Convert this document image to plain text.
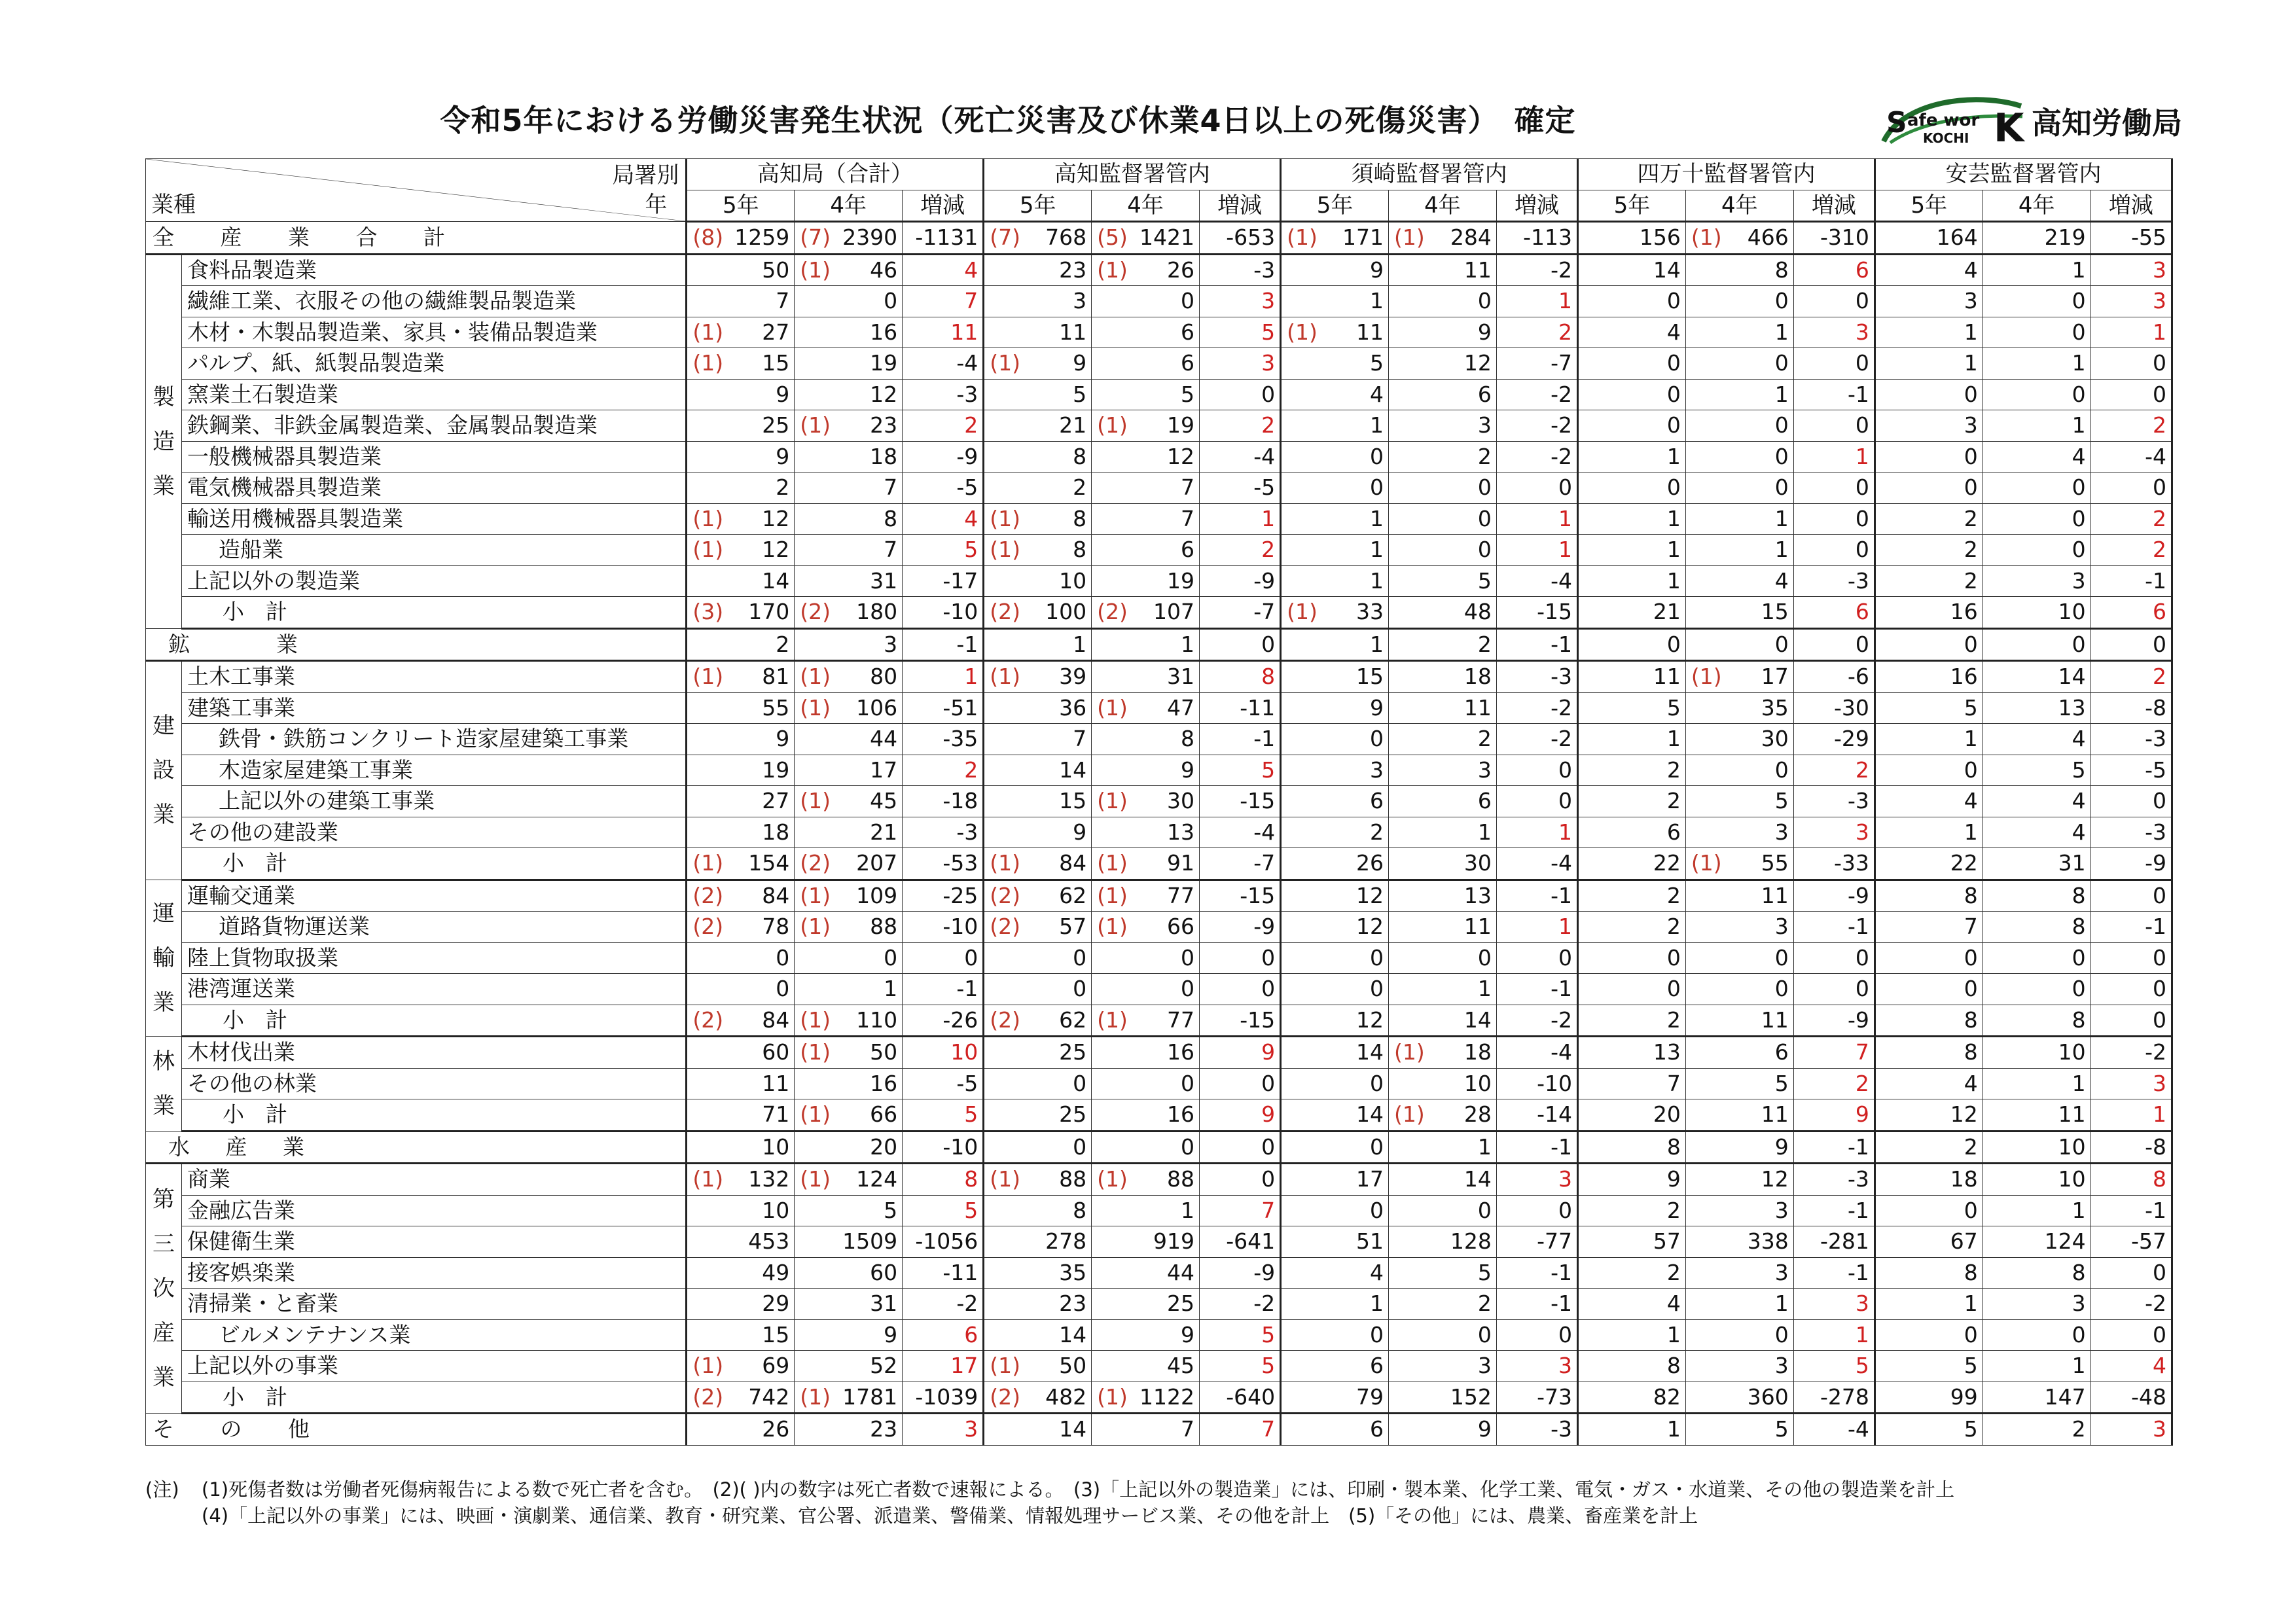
令和5年における労働災害発生状況（死亡災害及び休業4日以上の死傷災害）　確定	S afe wor
KOCHI K 高知労働局
局署別
業種 年		高知局（合計）					高知監督署管内					須崎監督署管内					四万十監督署管内					安芸監督署管内				
		5年		4年		増減	5年		4年		増減	5年		4年		増減	5年		4年		増減	5年		4年		増減
全 産 業 合 計		(8)	1259	(7)	2390	-1131	(7)	768	(5)	1421	-653	(1)	171	(1)	284	-113		156	(1)	466	-310		164		219	-55
製造業	食料品製造業		50	(1)	46	4		23	(1)	26	-3		9		11	-2		14		8	6		4		1	3
	繊維工業、衣服その他の繊維製品製造業		7		0	7		3		0	3		1		0	1		0		0	0		3		0	3
	木材・木製品製造業、家具・装備品製造業	(1)	27		16	11		11		6	5	(1)	11		9	2		4		1	3		1		0	1
	パルプ、紙、紙製品製造業	(1)	15		19	-4	(1)	9		6	3		5		12	-7		0		0	0		1		1	0
	窯業土石製造業		9		12	-3		5		5	0		4		6	-2		0		1	-1		0		0	0
	鉄鋼業、非鉄金属製造業、金属製品製造業		25	(1)	23	2		21	(1)	19	2		1		3	-2		0		0	0		3		1	2
	一般機械器具製造業		9		18	-9		8		12	-4		0		2	-2		1		0	1		0		4	-4
	電気機械器具製造業		2		7	-5		2		7	-5		0		0	0		0		0	0		0		0	0
	輸送用機械器具製造業	(1)	12		8	4	(1)	8		7	1		1		0	1		1		1	0		2		0	2
	造船業	(1)	12		7	5	(1)	8		6	2		1		0	1		1		1	0		2		0	2
	上記以外の製造業		14		31	-17		10		19	-9		1		5	-4		1		4	-3		2		3	-1
	小　計	(3)	170	(2)	180	-10	(2)	100	(2)	107	-7	(1)	33		48	-15		21		15	6		16		10	6
鉱　　業			2		3	-1		1		1	0		1		2	-1		0		0	0		0		0	0
建設業	土木工事業	(1)	81	(1)	80	1	(1)	39		31	8		15		18	-3		11	(1)	17	-6		16		14	2
	建築工事業		55	(1)	106	-51		36	(1)	47	-11		9		11	-2		5		35	-30		5		13	-8
	鉄骨・鉄筋コンクリート造家屋建築工事業		9		44	-35		7		8	-1		0		2	-2		1		30	-29		1		4	-3
	木造家屋建築工事業		19		17	2		14		9	5		3		3	0		2		0	2		0		5	-5
	上記以外の建築工事業		27	(1)	45	-18		15	(1)	30	-15		6		6	0		2		5	-3		4		4	0
	その他の建設業		18		21	-3		9		13	-4		2		1	1		6		3	3		1		4	-3
	小　計	(1)	154	(2)	207	-53	(1)	84	(1)	91	-7		26		30	-4		22	(1)	55	-33		22		31	-9
運輸業	運輸交通業	(2)	84	(1)	109	-25	(2)	62	(1)	77	-15		12		13	-1		2		11	-9		8		8	0
	道路貨物運送業	(2)	78	(1)	88	-10	(2)	57	(1)	66	-9		12		11	1		2		3	-1		7		8	-1
	陸上貨物取扱業		0		0	0		0		0	0		0		0	0		0		0	0		0		0	0
	港湾運送業		0		1	-1		0		0	0		0		1	-1		0		0	0		0		0	0
	小　計	(2)	84	(1)	110	-26	(2)	62	(1)	77	-15		12		14	-2		2		11	-9		8		8	0
林業	木材伐出業		60	(1)	50	10		25		16	9		14	(1)	18	-4		13		6	7		8		10	-2
	その他の林業		11		16	-5		0		0	0		0		10	-10		7		5	2		4		1	3
	小　計		71	(1)	66	5		25		16	9		14	(1)	28	-14		20		11	9		12		11	1
水 産 業			10		20	-10		0		0	0		0		1	-1		8		9	-1		2		10	-8
第三次産業	商業	(1)	132	(1)	124	8	(1)	88	(1)	88	0		17		14	3		9		12	-3		18		10	8
	金融広告業		10		5	5		8		1	7		0		0	0		2		3	-1		0		1	-1
	保健衛生業		453		1509	-1056		278		919	-641		51		128	-77		57		338	-281		67		124	-57
	接客娯楽業		49		60	-11		35		44	-9		4		5	-1		2		3	-1		8		8	0
	清掃業・と畜業		29		31	-2		23		25	-2		1		2	-1		4		1	3		1		3	-2
	ビルメンテナンス業		15		9	6		14		9	5		0		0	0		1		0	1		0		0	0
	上記以外の事業	(1)	69		52	17	(1)	50		45	5		6		3	3		8		3	5		5		1	4
	小　計	(2)	742	(1)	1781	-1039	(2)	482	(1)	1122	-640		79		152	-73		82		360	-278		99		147	-48
そ の 他			26		23	3		14		7	7		6		9	-3		1		5	-4		5		2	3
(注) (1)死傷者数は労働者死傷病報告による数で死亡者を含む。　(2)( )内の数字は死亡者数で速報による。　(3)「上記以外の製造業」には、印刷・製本業、化学工業、電気・ガス・水道業、その他の製造業を計上
(4)「上記以外の事業」には、映画・演劇業、通信業、教育・研究業、官公署、派遣業、警備業、情報処理サービス業、その他を計上　(5)「その他」には、農業、畜産業を計上
